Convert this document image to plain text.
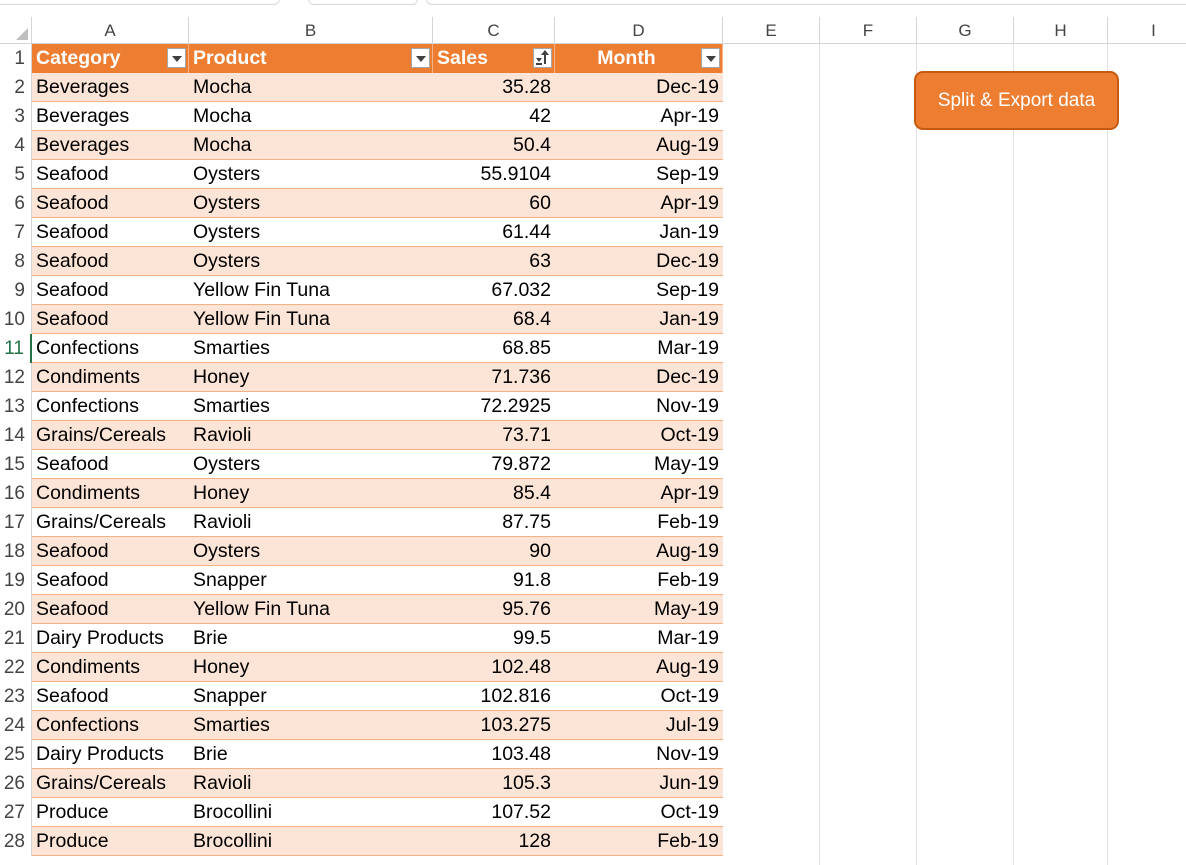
A	B	C	D	E	F	G	H	I
1 Category	Product	Sales	Month
2 Beverages	Mocha	35.28	Dec-19
3 Beverages	Mocha	42	Apr-19
4 Beverages	Mocha	50.4	Aug-19
5 Seafood	Oysters	55.9104	Sep-19
6 Seafood	Oysters	60	Apr-19
7 Seafood	Oysters	61.44	Jan-19
8 Seafood	Oysters	63	Dec-19
9 Seafood	Yellow Fin Tuna	67.032	Sep-19
10 Seafood	Yellow Fin Tuna	68.4	Jan-19
11 Confections	Smarties	68.85	Mar-19
12 Condiments	Honey	71.736	Dec-19
13 Confections	Smarties	72.2925	Nov-19
14 Grains/Cereals	Ravioli	73.71	Oct-19
15 Seafood	Oysters	79.872	May-19
16 Condiments	Honey	85.4	Apr-19
17 Grains/Cereals	Ravioli	87.75	Feb-19
18 Seafood	Oysters	90	Aug-19
19 Seafood	Snapper	91.8	Feb-19
20 Seafood	Yellow Fin Tuna	95.76	May-19
21 Dairy Products	Brie	99.5	Mar-19
22 Condiments	Honey	102.48	Aug-19
23 Seafood	Snapper	102.816	Oct-19
24 Confections	Smarties	103.275	Jul-19
25 Dairy Products	Brie	103.48	Nov-19
26 Grains/Cereals	Ravioli	105.3	Jun-19
27 Produce	Brocollini	107.52	Oct-19
28 Produce	Brocollini	128	Feb-19
Split & Export data
